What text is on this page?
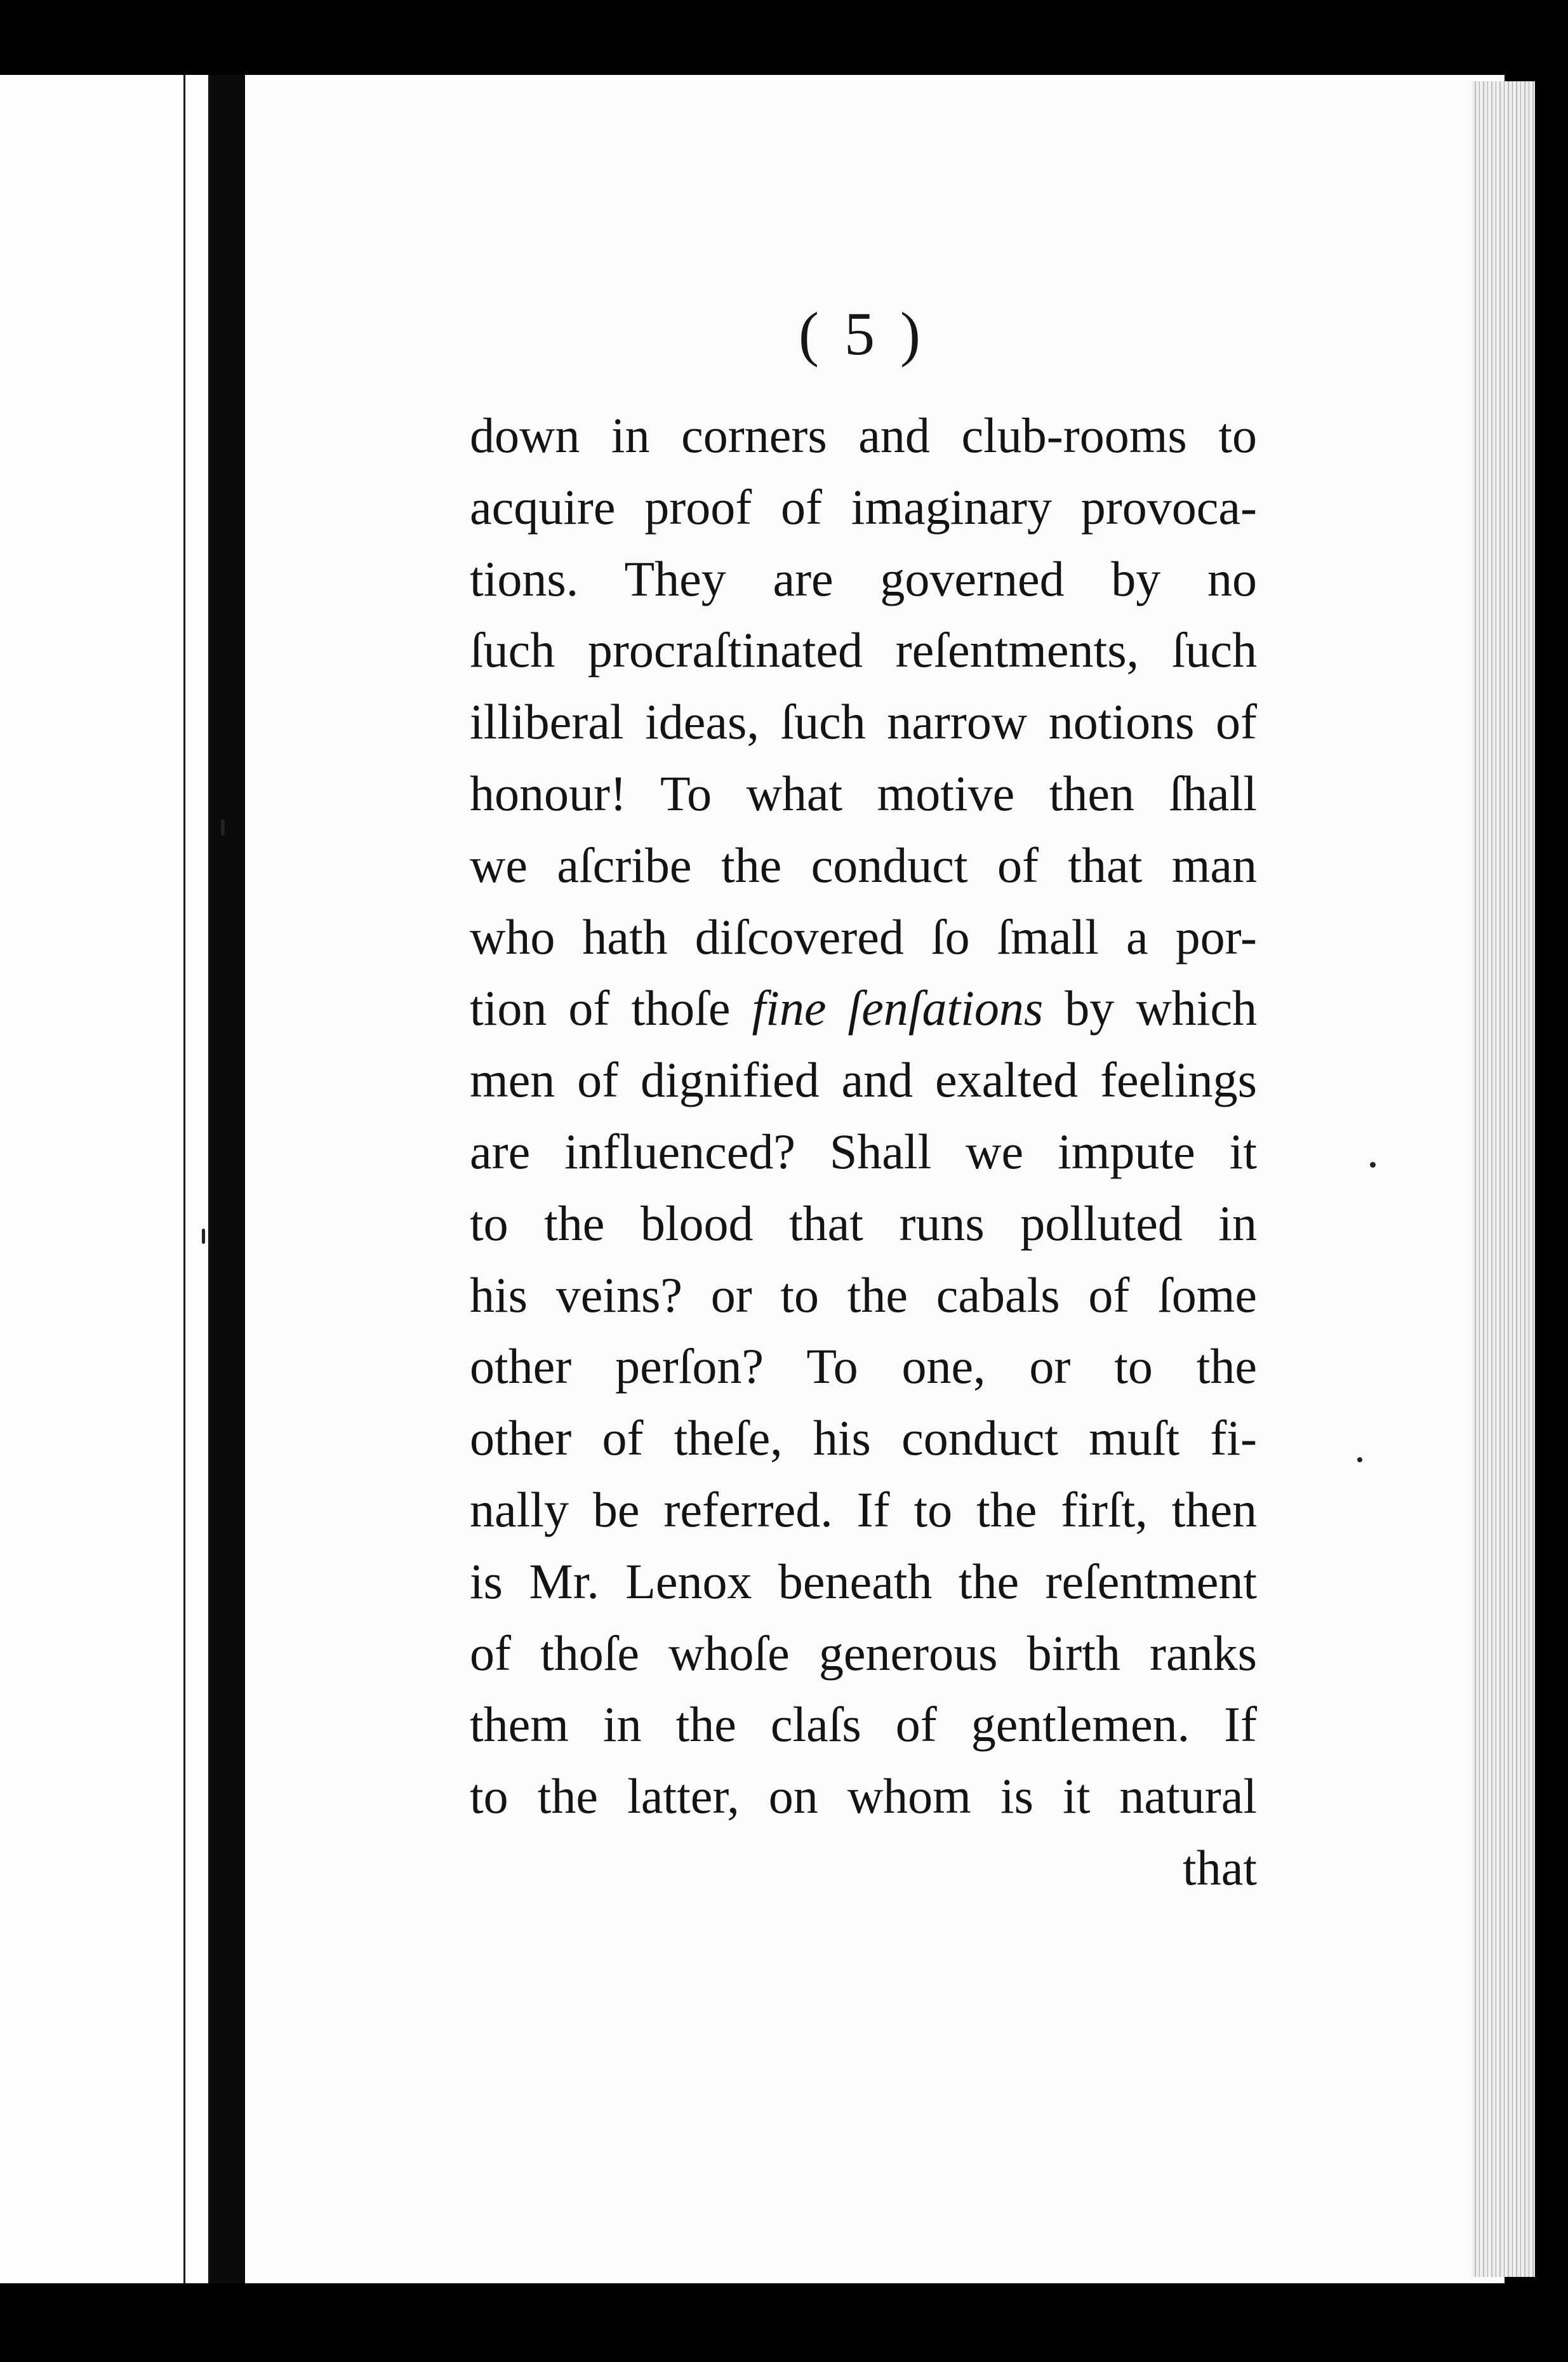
( 5 )
down in corners and club-rooms to
acquire proof of imaginary provoca-
tions. They are governed by no
ſuch procraſtinated reſentments, ſuch
illiberal ideas, ſuch narrow notions of
honour! To what motive then ſhall
we aſcribe the conduct of that man
who hath diſcovered ſo ſmall a por-
tion of thoſe fine ſenſations by which
men of dignified and exalted feelings
are influenced? Shall we impute it
to the blood that runs polluted in
his veins? or to the cabals of ſome
other perſon? To one, or to the
other of theſe, his conduct muſt fi-
nally be referred. If to the firſt, then
is Mr. Lenox beneath the reſentment
of thoſe whoſe generous birth ranks
them in the claſs of gentlemen. If
to the latter, on whom is it natural
that
